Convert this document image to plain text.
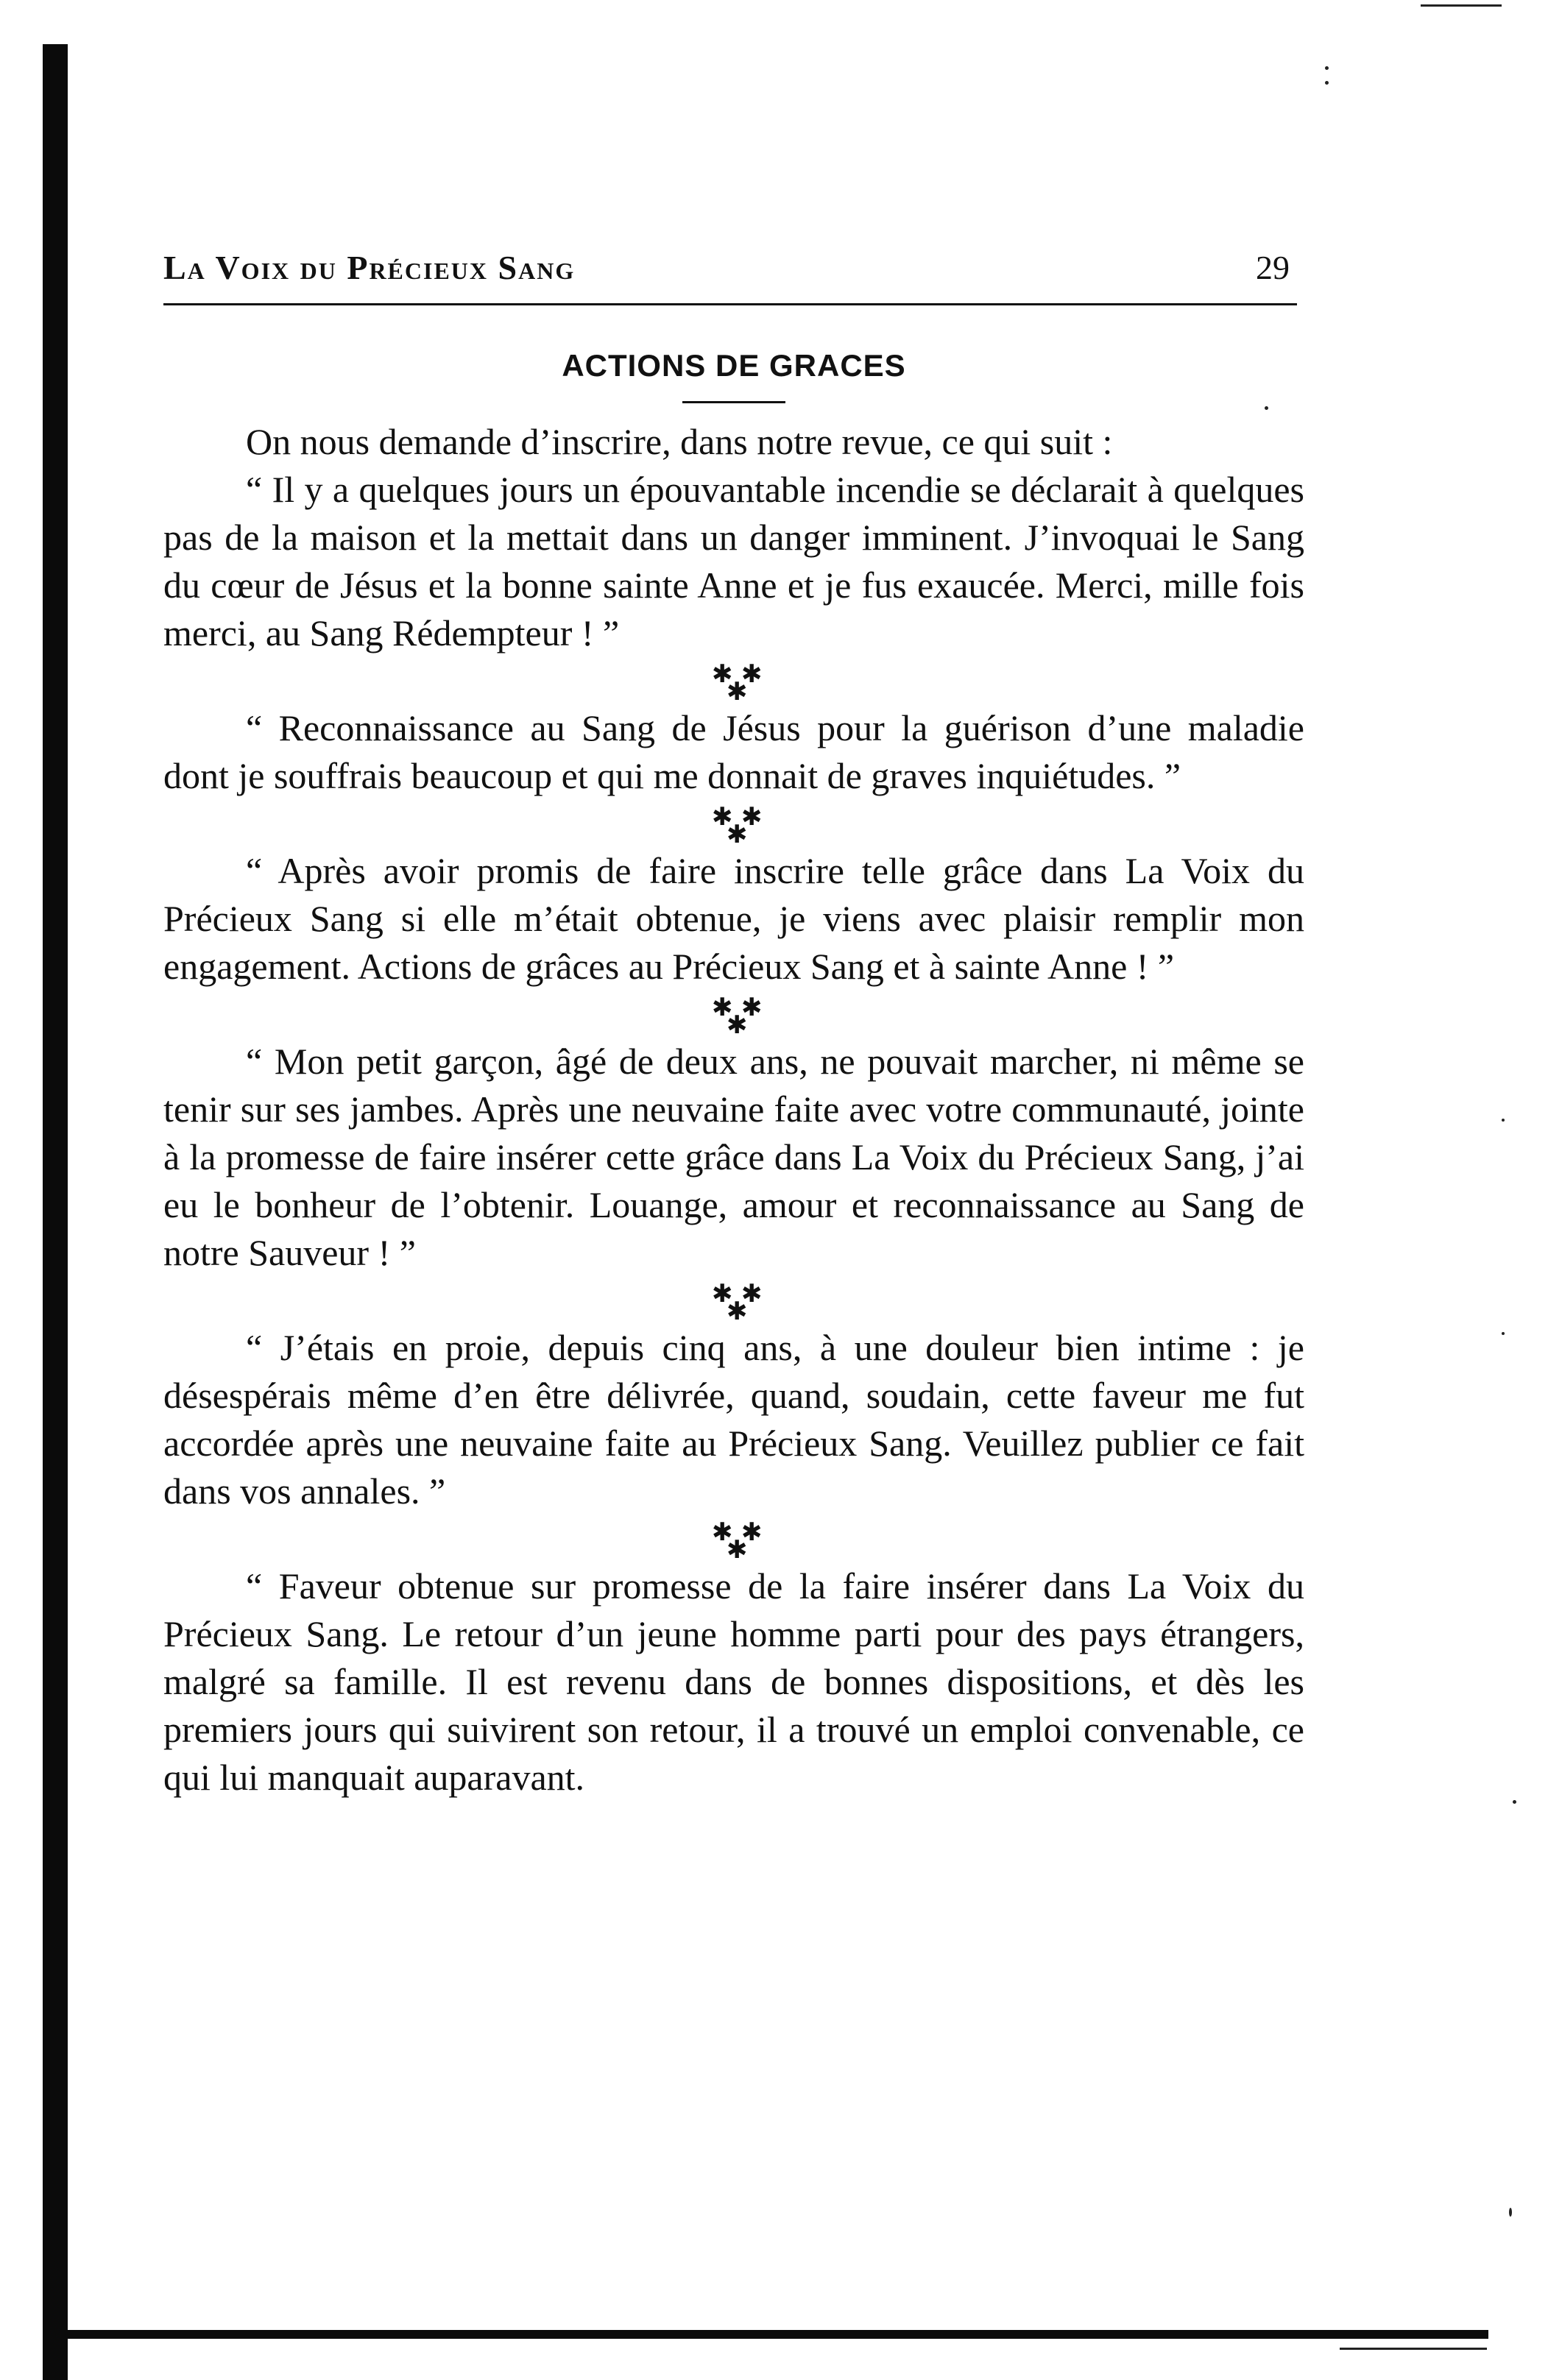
La Voix du Précieux Sang	29
ACTIONS DE GRACES

On nous demande d’inscrire, dans notre revue, ce qui suit :

“ Il y a quelques jours un épouvantable incendie se déclarait à quelques pas de la maison et la mettait dans un danger imminent. J’invoquai le Sang du cœur de Jésus et la bonne sainte Anne et je fus exaucée. Merci, mille fois merci, au Sang Rédempteur ! ”

✱ ✱
✱

“ Reconnaissance au Sang de Jésus pour la guérison d’une maladie dont je souffrais beaucoup et qui me donnait de graves inquiétudes. ”

✱ ✱
✱

“ Après avoir promis de faire inscrire telle grâce dans La Voix du Précieux Sang si elle m’était obtenue, je viens avec plaisir remplir mon engagement. Actions de grâces au Précieux Sang et à sainte Anne ! ”

✱ ✱
✱

“ Mon petit garçon, âgé de deux ans, ne pouvait marcher, ni même se tenir sur ses jambes. Après une neuvaine faite avec votre communauté, jointe à la promesse de faire insérer cette grâce dans La Voix du Précieux Sang, j’ai eu le bonheur de l’obtenir. Louange, amour et reconnaissance au Sang de notre Sauveur ! ”

✱ ✱
✱

“ J’étais en proie, depuis cinq ans, à une douleur bien intime : je désespérais même d’en être délivrée, quand, soudain, cette faveur me fut accordée après une neuvaine faite au Précieux Sang. Veuillez publier ce fait dans vos annales. ”

✱ ✱
✱

“ Faveur obtenue sur promesse de la faire insérer dans La Voix du Précieux Sang. Le retour d’un jeune homme parti pour des pays étrangers, malgré sa famille. Il est revenu dans de bonnes dispositions, et dès les premiers jours qui suivirent son retour, il a trouvé un emploi convenable, ce qui lui manquait auparavant.
